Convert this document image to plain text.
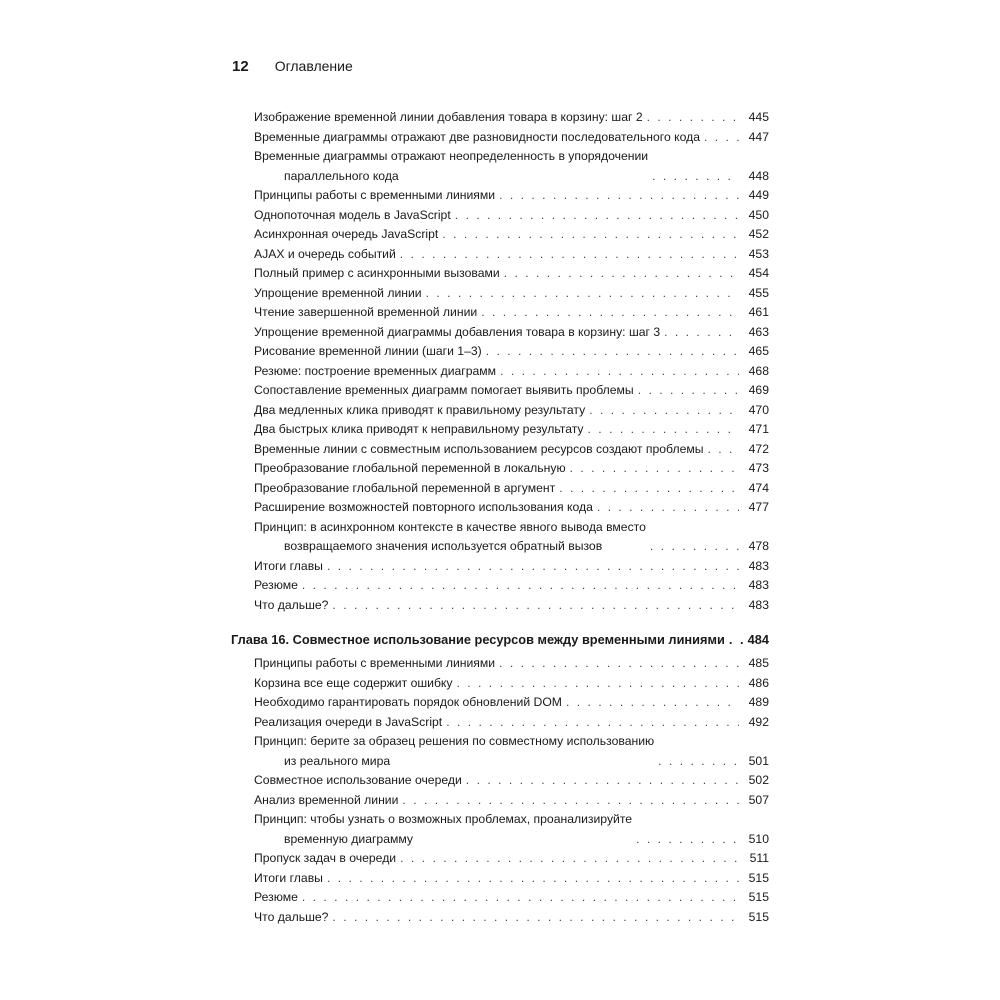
12 Оглавление
Изображение временной линии добавления товара в корзину: шаг 2 . . .	445
Временные диаграммы отражают две разновидности последовательного кода . . .	447
Временные диаграммы отражают неопределенность в упорядочении
параллельного кода . . .	448
Принципы работы с временными линиями . . .	449
Однопоточная модель в JavaScript . . .	450
Асинхронная очередь JavaScript . . .	452
AJAX и очередь событий . . .	453
Полный пример с асинхронными вызовами . . .	454
Упрощение временной линии . . .	455
Чтение завершенной временной линии . . .	461
Упрощение временной диаграммы добавления товара в корзину: шаг 3 . . .	463
Рисование временной линии (шаги 1–3) . . .	465
Резюме: построение временных диаграмм . . .	468
Сопоставление временных диаграмм помогает выявить проблемы . . .	469
Два медленных клика приводят к правильному результату . . .	470
Два быстрых клика приводят к неправильному результату . . .	471
Временные линии с совместным использованием ресурсов создают проблемы . . .	472
Преобразование глобальной переменной в локальную . . .	473
Преобразование глобальной переменной в аргумент . . .	474
Расширение возможностей повторного использования кода . . .	477
Принцип: в асинхронном контексте в качестве явного вывода вместо
возвращаемого значения используется обратный вызов . . .	478
Итоги главы . . .	483
Резюме . . .	483
Что дальше? . . .	483
Глава 16. Совместное использование ресурсов между временными линиями . . .	484
Принципы работы с временными линиями . . .	485
Корзина все еще содержит ошибку . . .	486
Необходимо гарантировать порядок обновлений DOM . . .	489
Реализация очереди в JavaScript . . .	492
Принцип: берите за образец решения по совместному использованию
из реального мира . . .	501
Совместное использование очереди . . .	502
Анализ временной линии . . .	507
Принцип: чтобы узнать о возможных проблемах, проанализируйте
временную диаграмму . . .	510
Пропуск задач в очереди . . .	511
Итоги главы . . .	515
Резюме . . .	515
Что дальше? . . .	515
